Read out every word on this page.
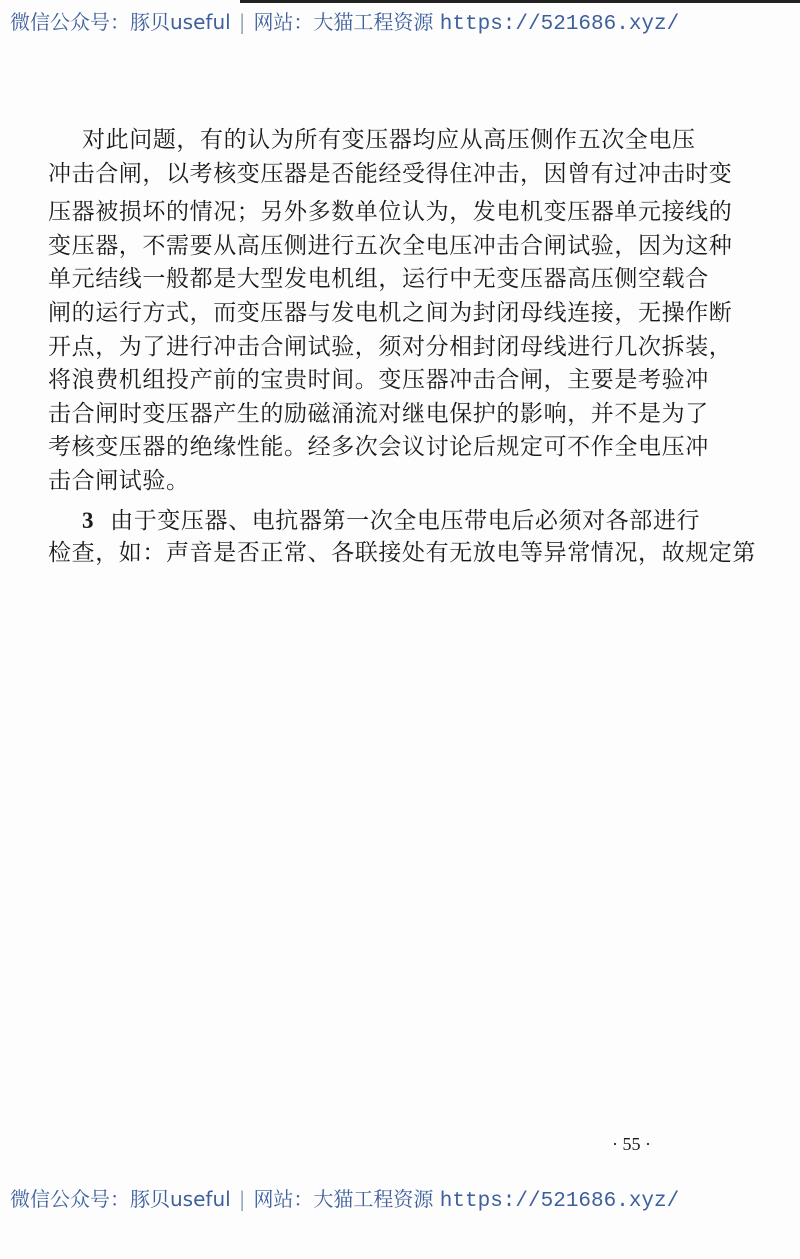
微信公众号：豚贝useful | 网站：大猫工程资源 https://521686.xyz/
对此问题，有的认为所有变压器均应从高压侧作五次全电压
冲击合闸，以考核变压器是否能经受得住冲击，因曾有过冲击时变
压器被损坏的情况；另外多数单位认为，发电机变压器单元接线的
变压器，不需要从高压侧进行五次全电压冲击合闸试验，因为这种
单元结线一般都是大型发电机组，运行中无变压器高压侧空载合
闸的运行方式，而变压器与发电机之间为封闭母线连接，无操作断
开点，为了进行冲击合闸试验，须对分相封闭母线进行几次拆装，
将浪费机组投产前的宝贵时间。变压器冲击合闸，主要是考验冲
击合闸时变压器产生的励磁涌流对继电保护的影响，并不是为了
考核变压器的绝缘性能。经多次会议讨论后规定可不作全电压冲
击合闸试验。
3 由于变压器、电抗器第一次全电压带电后必须对各部进行
检查，如：声音是否正常、各联接处有无放电等异常情况，故规定第
· 55 ·
微信公众号：豚贝useful | 网站：大猫工程资源 https://521686.xyz/
